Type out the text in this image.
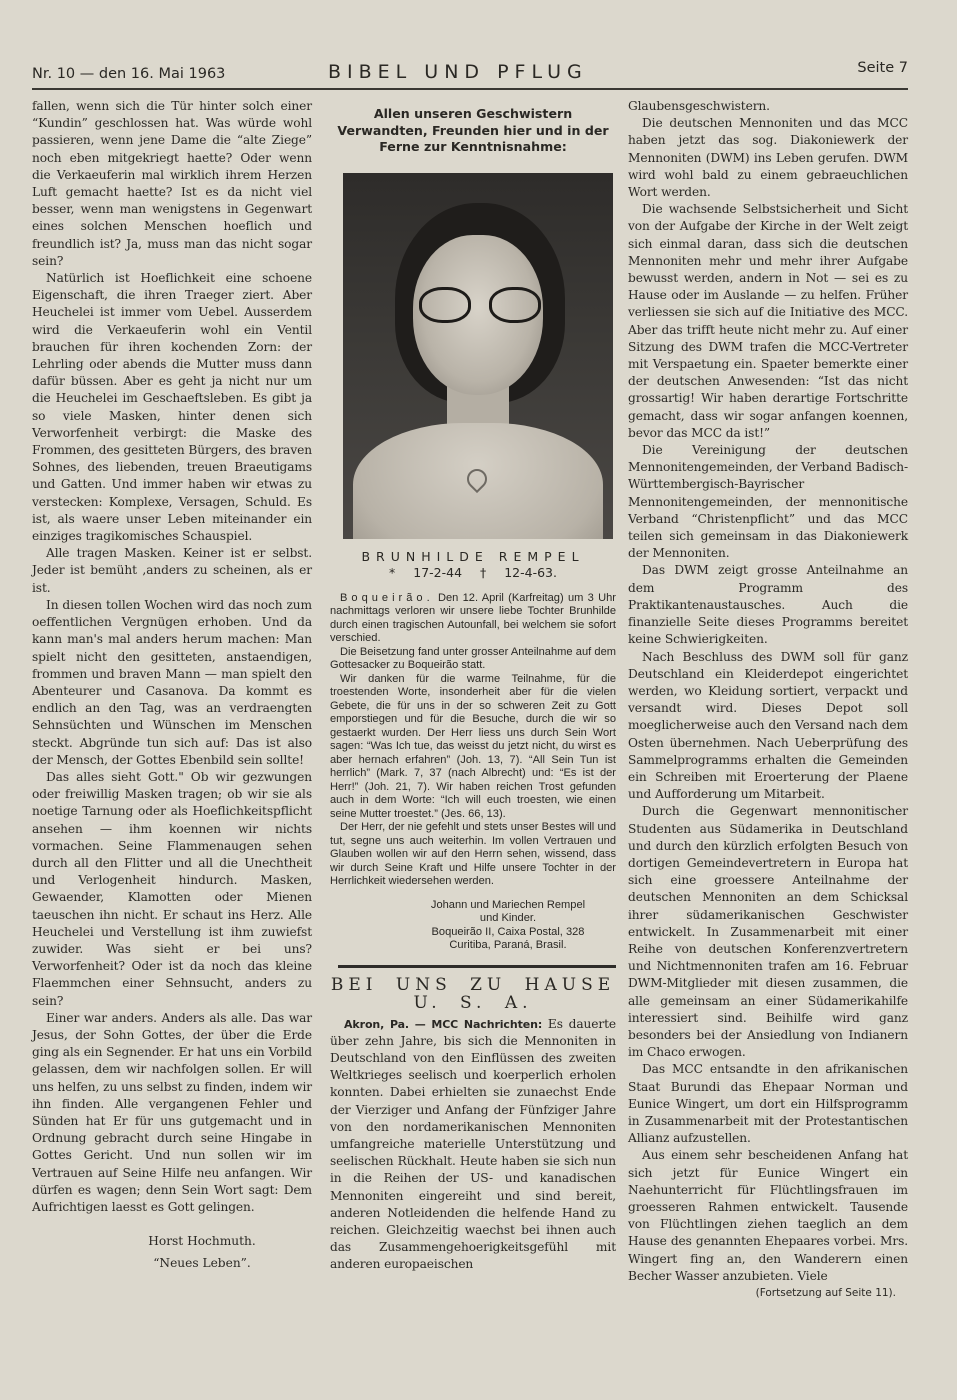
Nr. 10 — den 16. Mai 1963	BIBEL UND PFLUG	Seite 7

fallen, wenn sich die Tür hinter solch einer “Kundin” geschlossen hat. Was würde wohl passieren, wenn jene Dame die “alte Ziege” noch eben mitgekriegt haette? Oder wenn die Verkaeuferin mal wirklich ihrem Herzen Luft gemacht haette? Ist es da nicht viel besser, wenn man wenigstens in Gegenwart eines solchen Menschen hoeflich und freundlich ist? Ja, muss man das nicht sogar sein?

Natürlich ist Hoeflichkeit eine schoene Eigenschaft, die ihren Traeger ziert. Aber Heuchelei ist immer vom Uebel. Ausserdem wird die Verkaeuferin wohl ein Ventil brauchen für ihren kochenden Zorn: der Lehrling oder abends die Mutter muss dann dafür büssen. Aber es geht ja nicht nur um die Heuchelei im Geschaeftsleben. Es gibt ja so viele Masken, hinter denen sich Verworfenheit verbirgt: die Maske des Frommen, des gesitteten Bürgers, des braven Sohnes, des liebenden, treuen Braeutigams und Gatten. Und immer haben wir etwas zu verstecken: Komplexe, Versagen, Schuld. Es ist, als waere unser Leben miteinander ein einziges tragikomisches Schauspiel.

Alle tragen Masken. Keiner ist er selbst. Jeder ist bemüht ,anders zu scheinen, als er ist.

In diesen tollen Wochen wird das noch zum oeffentlichen Vergnügen erhoben. Und da kann man's mal anders herum machen: Man spielt nicht den gesitteten, anstaendigen, frommen und braven Mann — man spielt den Abenteurer und Casanova. Da kommt es endlich an den Tag, was an verdraengten Sehnsüchten und Wünschen im Menschen steckt. Abgründe tun sich auf: Das ist also der Mensch, der Gottes Ebenbild sein sollte!

Das alles sieht Gott." Ob wir gezwungen oder freiwillig Masken tragen; ob wir sie als noetige Tarnung oder als Hoeflichkeitspflicht ansehen — ihm koennen wir nichts vormachen. Seine Flammenaugen sehen durch all den Flitter und all die Unechtheit und Verlogenheit hindurch. Masken, Gewaender, Klamotten oder Mienen taeuschen ihn nicht. Er schaut ins Herz. Alle Heuchelei und Verstellung ist ihm zuwiefst zuwider. Was sieht er bei uns? Verworfenheit? Oder ist da noch das kleine Flaemmchen einer Sehnsucht, anders zu sein?

Einer war anders. Anders als alle. Das war Jesus, der Sohn Gottes, der über die Erde ging als ein Segnender. Er hat uns ein Vorbild gelassen, dem wir nachfolgen sollen. Er will uns helfen, zu uns selbst zu finden, indem wir ihn finden. Alle vergangenen Fehler und Sünden hat Er für uns gutgemacht und in Ordnung gebracht durch seine Hingabe in Gottes Gericht. Und nun sollen wir im Vertrauen auf Seine Hilfe neu anfangen. Wir dürfen es wagen; denn Sein Wort sagt: Dem Aufrichtigen laesst es Gott gelingen.

Horst Hochmuth.
“Neues Leben”.

Allen unseren Geschwistern Verwandten, Freunden hier und in der Ferne zur Kenntnisnahme:

BRUNHILDE REMPEL

* 17-2-44 † 12-4-63.

Boqueirão. Den 12. April (Karfreitag) um 3 Uhr nachmittags verloren wir unsere liebe Tochter Brunhilde durch einen tragischen Autounfall, bei welchem sie sofort verschied.

Die Beisetzung fand unter grosser Anteilnahme auf dem Gottesacker zu Boqueirão statt.

Wir danken für die warme Teilnahme, für die troestenden Worte, insonderheit aber für die vielen Gebete, die für uns in der so schweren Zeit zu Gott emporstiegen und für die Besuche, durch die wir so gestaerkt wurden. Der Herr liess uns durch Sein Wort sagen: “Was Ich tue, das weisst du jetzt nicht, du wirst es aber hernach erfahren” (Joh. 13, 7). “All Sein Tun ist herrlich” (Mark. 7, 37 (nach Albrecht) und: “Es ist der Herr!” (Joh. 21, 7). Wir haben reichen Trost gefunden auch in dem Worte: “Ich will euch troesten, wie einen seine Mutter troestet.” (Jes. 66, 13).

Der Herr, der nie gefehlt und stets unser Bestes will und tut, segne uns auch weiterhin. Im vollen Vertrauen und Glauben wollen wir auf den Herrn sehen, wissend, dass wir durch Seine Kraft und Hilfe unsere Tochter in der Herrlichkeit wiedersehen werden.

Johann und Mariechen Rempel
und Kinder.
Boqueirão II, Caixa Postal, 328
Curitiba, Paraná, Brasil.

BEI UNS ZU HAUSE
U. S. A.

Akron, Pa. — MCC Nachrichten: Es dauerte über zehn Jahre, bis sich die Mennoniten in Deutschland von den Einflüssen des zweiten Weltkrieges seelisch und koerperlich erholen konnten. Dabei erhielten sie zunaechst Ende der Vierziger und Anfang der Fünfziger Jahre von den nordamerikanischen Mennoniten umfangreiche materielle Unterstützung und seelischen Rückhalt. Heute haben sie sich nun in die Reihen der US- und kanadischen Mennoniten eingereiht und sind bereit, anderen Notleidenden die helfende Hand zu reichen. Gleichzeitig waechst bei ihnen auch das Zusammengehoerigkeitsgefühl mit anderen europaeischen

Glaubensgeschwistern.

Die deutschen Mennoniten und das MCC haben jetzt das sog. Diakoniewerk der Mennoniten (DWM) ins Leben gerufen. DWM wird wohl bald zu einem gebraeuchlichen Wort werden.

Die wachsende Selbstsicherheit und Sicht von der Aufgabe der Kirche in der Welt zeigt sich einmal daran, dass sich die deutschen Mennoniten mehr und mehr ihrer Aufgabe bewusst werden, andern in Not — sei es zu Hause oder im Auslande — zu helfen. Früher verliessen sie sich auf die Initiative des MCC. Aber das trifft heute nicht mehr zu. Auf einer Sitzung des DWM trafen die MCC-Vertreter mit Verspaetung ein. Spaeter bemerkte einer der deutschen Anwesenden: “Ist das nicht grossartig! Wir haben derartige Fortschritte gemacht, dass wir sogar anfangen koennen, bevor das MCC da ist!”

Die Vereinigung der deutschen Mennonitengemeinden, der Verband Badisch-Württembergisch-Bayrischer Mennonitengemeinden, der mennonitische Verband “Christenpflicht” und das MCC teilen sich gemeinsam in das Diakoniewerk der Mennoniten.

Das DWM zeigt grosse Anteilnahme an dem Programm des Praktikantenaustausches. Auch die finanzielle Seite dieses Programms bereitet keine Schwierigkeiten.

Nach Beschluss des DWM soll für ganz Deutschland ein Kleiderdepot eingerichtet werden, wo Kleidung sortiert, verpackt und versandt wird. Dieses Depot soll moeglicherweise auch den Versand nach dem Osten übernehmen. Nach Ueberprüfung des Sammelprogramms erhalten die Gemeinden ein Schreiben mit Eroerterung der Plaene und Aufforderung um Mitarbeit.

Durch die Gegenwart mennonitischer Studenten aus Südamerika in Deutschland und durch den kürzlich erfolgten Besuch von dortigen Gemeindevertretern in Europa hat sich eine groessere Anteilnahme der deutschen Mennoniten an dem Schicksal ihrer südamerikanischen Geschwister entwickelt. In Zusammenarbeit mit einer Reihe von deutschen Konferenzvertretern und Nichtmennoniten trafen am 16. Februar DWM-Mitglieder mit diesen zusammen, die alle gemeinsam an einer Südamerikahilfe interessiert sind. Beihilfe wird ganz besonders bei der Ansiedlung von Indianern im Chaco erwogen.

Das MCC entsandte in den afrikanischen Staat Burundi das Ehepaar Norman und Eunice Wingert, um dort ein Hilfsprogramm in Zusammenarbeit mit der Protestantischen Allianz aufzustellen.

Aus einem sehr bescheidenen Anfang hat sich jetzt für Eunice Wingert ein Naehunterricht für Flüchtlingsfrauen im groesseren Rahmen entwickelt. Tausende von Flüchtlingen ziehen taeglich an dem Hause des genannten Ehepaares vorbei. Mrs. Wingert fing an, den Wanderern einen Becher Wasser anzubieten. Viele

(Fortsetzung auf Seite 11).
